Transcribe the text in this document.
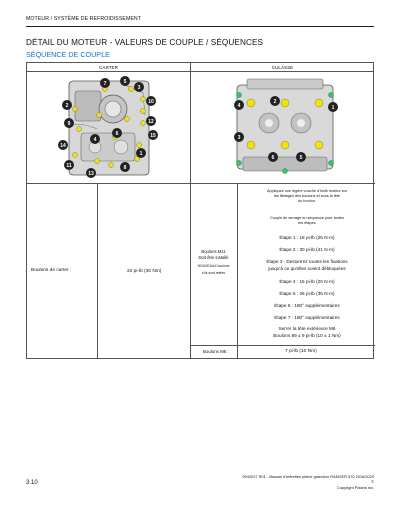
MOTEUR / SYSTÈME DE REFROIDISSEMENT
DÉTAIL DU MOTEUR - VALEURS DE COUPLE / SÉQUENCES
SÉQUENCE DE COUPLE
CARTER	CULASSE
7	5
3
10
12
15
2
9
14
11
13
8
1
4
6
4
2
1
3
6	5
Boulons de carter :	22 pi-lb (30 Nm)
Boulons M11
Doit être installé
NOUVEAUX boulons
s'ils sont retirés
Appliquez une légère couche d'huile moteur sur
les filetages des boulons et sous la tête
du boulon.
Couple de serrage en séquence pour toutes
les étapes
Étape 1 : 18 pi-lb (25 N·m)
Étape 2 : 30 pi-lb (41 N·m)
Étape 3 : Desserrez toutes les fixations
jusqu'à ce qu'elles soient débloquées
Étape 4 : 15 pi-lb (20 N·m)
Étape 5 : 26 pi-lb (35 N·m)
Étape 6 : 180° supplémentaires
Étape 7 : 180° supplémentaires
Serrer la tête extérieure M6
Boulons 89 ± 9 pi-lb (10 ± 1 Nm)
Boulons M6 :	7 pi-lb (10 Nm)
3.10
9942027 R01 - Manuel d'entretien pleine grandeur RANGER 570 2016/2020 ©
Copyright Polaris Inc.
